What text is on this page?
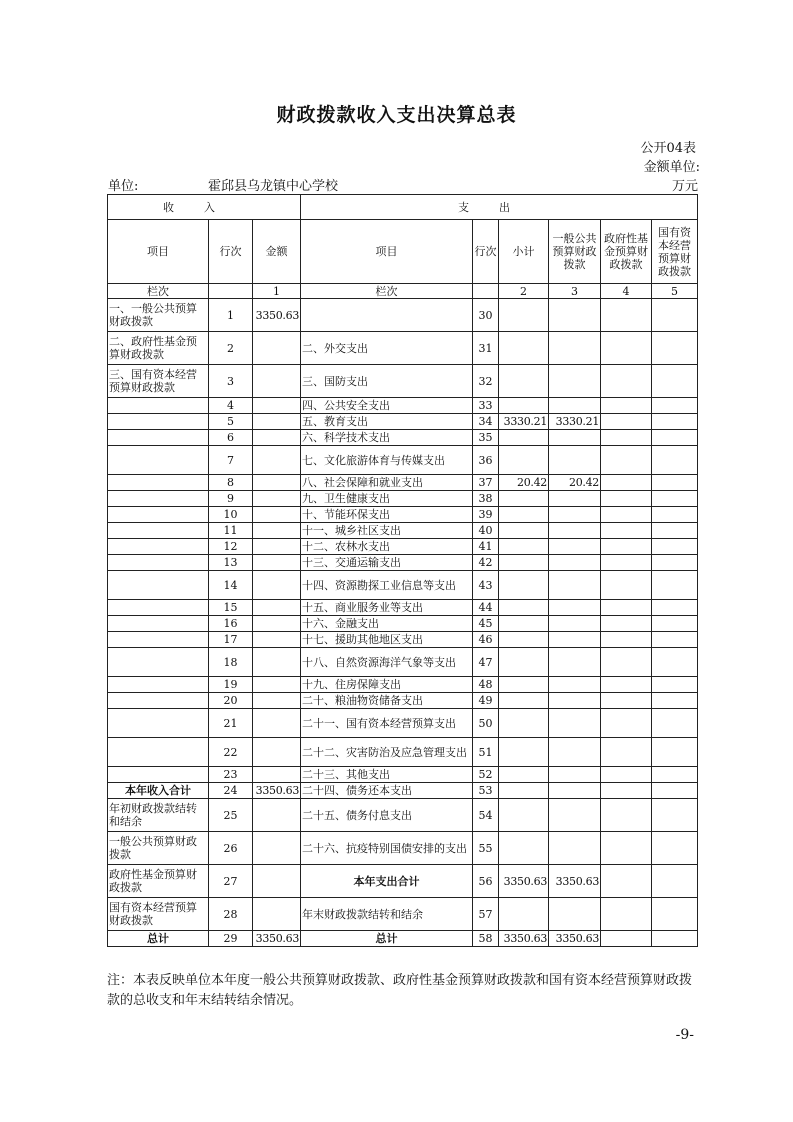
财政拨款收入支出决算总表
公开04表
金额单位:
单位:	霍邱县乌龙镇中心学校	万元
收入			支出					
项目	行次	金额	项目	行次	小计	一般公共预算财政拨款	政府性基金预算财政拨款	国有资本经营预算财政拨款
栏次		1	栏次		2	3	4	5
一、一般公共预算财政拨款	1	3350.63		30				
二、政府性基金预算财政拨款	2		二、外交支出	31				
三、国有资本经营预算财政拨款	3		三、国防支出	32				
	4		四、公共安全支出	33				
	5		五、教育支出	34	3330.21	3330.21		
	6		六、科学技术支出	35				
	7		七、文化旅游体育与传媒支出	36				
	8		八、社会保障和就业支出	37	20.42	20.42		
	9		九、卫生健康支出	38				
	10		十、节能环保支出	39				
	11		十一、城乡社区支出	40				
	12		十二、农林水支出	41				
	13		十三、交通运输支出	42				
	14		十四、资源勘探工业信息等支出	43				
	15		十五、商业服务业等支出	44				
	16		十六、金融支出	45				
	17		十七、援助其他地区支出	46				
	18		十八、自然资源海洋气象等支出	47				
	19		十九、住房保障支出	48				
	20		二十、粮油物资储备支出	49				
	21		二十一、国有资本经营预算支出	50				
	22		二十二、灾害防治及应急管理支出	51				
	23		二十三、其他支出	52				
本年收入合计	24	3350.63	二十四、债务还本支出	53				
年初财政拨款结转和结余	25		二十五、债务付息支出	54				
一般公共预算财政拨款	26		二十六、抗疫特别国债安排的支出	55				
政府性基金预算财政拨款	27		本年支出合计	56	3350.63	3350.63		
国有资本经营预算财政拨款	28		年末财政拨款结转和结余	57				
总计	29	3350.63	总计	58	3350.63	3350.63		
注：本表反映单位本年度一般公共预算财政拨款、政府性基金预算财政拨款和国有资本经营预算财政拨款的总收支和年末结转结余情况。
-9-
